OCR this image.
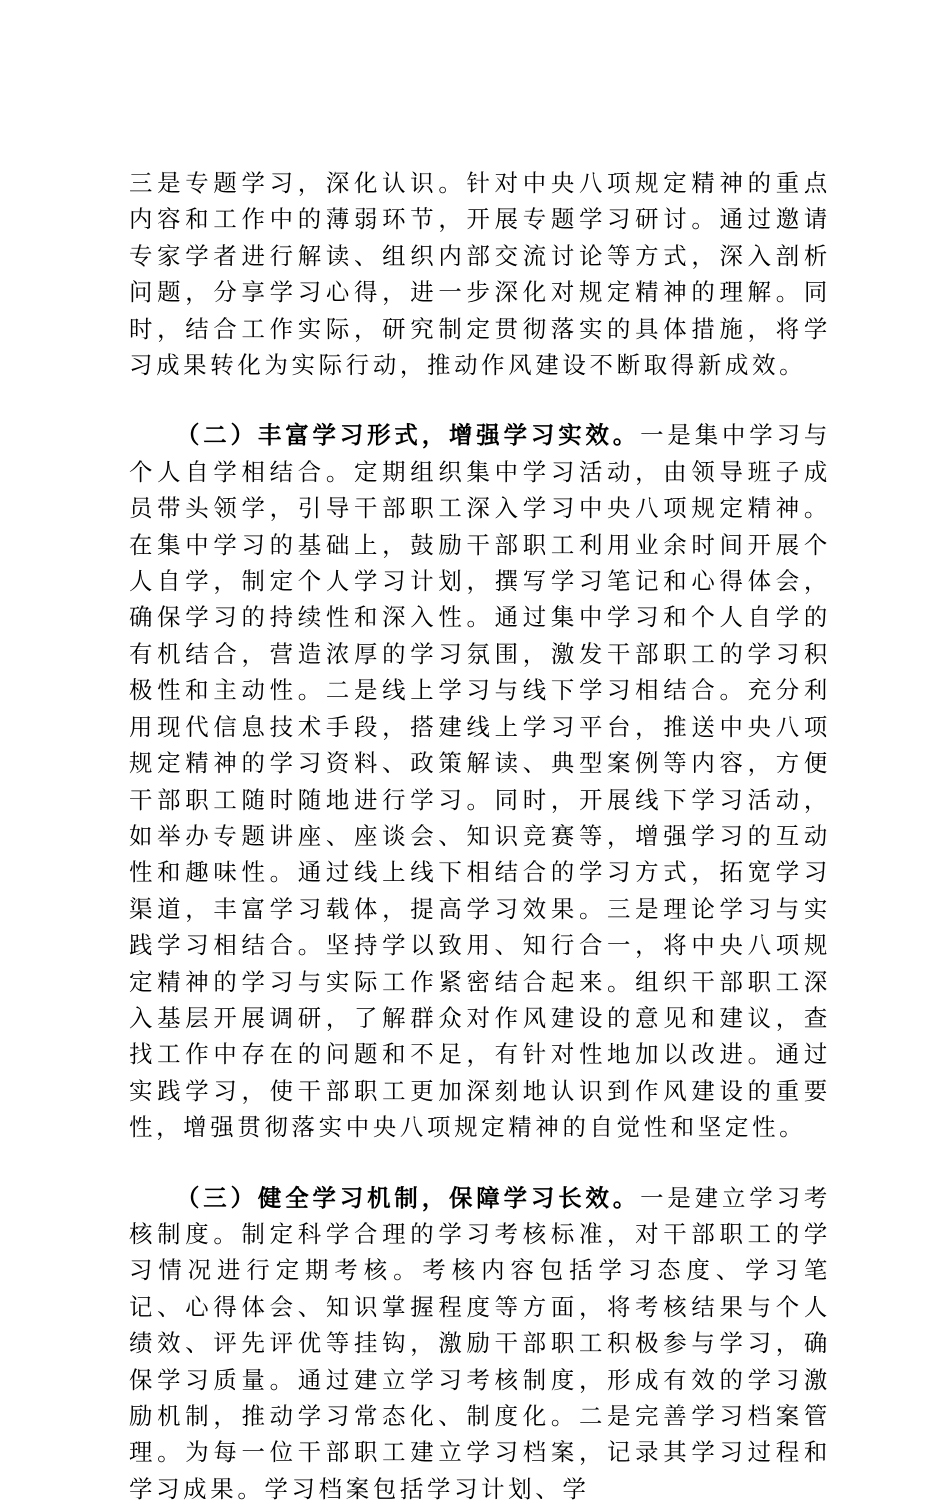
三是专题学习，深化认识。针对中央八项规定精神的重点内容和工作中的薄弱环节，开展专题学习研讨。通过邀请专家学者进行解读、组织内部交流讨论等方式，深入剖析问题，分享学习心得，进一步深化对规定精神的理解。同时，结合工作实际，研究制定贯彻落实的具体措施，将学习成果转化为实际行动，推动作风建设不断取得新成效。

（二）丰富学习形式，增强学习实效。一是集中学习与个人自学相结合。定期组织集中学习活动，由领导班子成员带头领学，引导干部职工深入学习中央八项规定精神。在集中学习的基础上，鼓励干部职工利用业余时间开展个人自学，制定个人学习计划，撰写学习笔记和心得体会，确保学习的持续性和深入性。通过集中学习和个人自学的有机结合，营造浓厚的学习氛围，激发干部职工的学习积极性和主动性。二是线上学习与线下学习相结合。充分利用现代信息技术手段，搭建线上学习平台，推送中央八项规定精神的学习资料、政策解读、典型案例等内容，方便干部职工随时随地进行学习。同时，开展线下学习活动，如举办专题讲座、座谈会、知识竞赛等，增强学习的互动性和趣味性。通过线上线下相结合的学习方式，拓宽学习渠道，丰富学习载体，提高学习效果。三是理论学习与实践学习相结合。坚持学以致用、知行合一，将中央八项规定精神的学习与实际工作紧密结合起来。组织干部职工深入基层开展调研，了解群众对作风建设的意见和建议，查找工作中存在的问题和不足，有针对性地加以改进。通过实践学习，使干部职工更加深刻地认识到作风建设的重要性，增强贯彻落实中央八项规定精神的自觉性和坚定性。

（三）健全学习机制，保障学习长效。一是建立学习考核制度。制定科学合理的学习考核标准，对干部职工的学习情况进行定期考核。考核内容包括学习态度、学习笔记、心得体会、知识掌握程度等方面，将考核结果与个人绩效、评先评优等挂钩，激励干部职工积极参与学习，确保学习质量。通过建立学习考核制度，形成有效的学习激励机制，推动学习常态化、制度化。二是完善学习档案管理。为每一位干部职工建立学习档案，记录其学习过程和学习成果。学习档案包括学习计划、学
